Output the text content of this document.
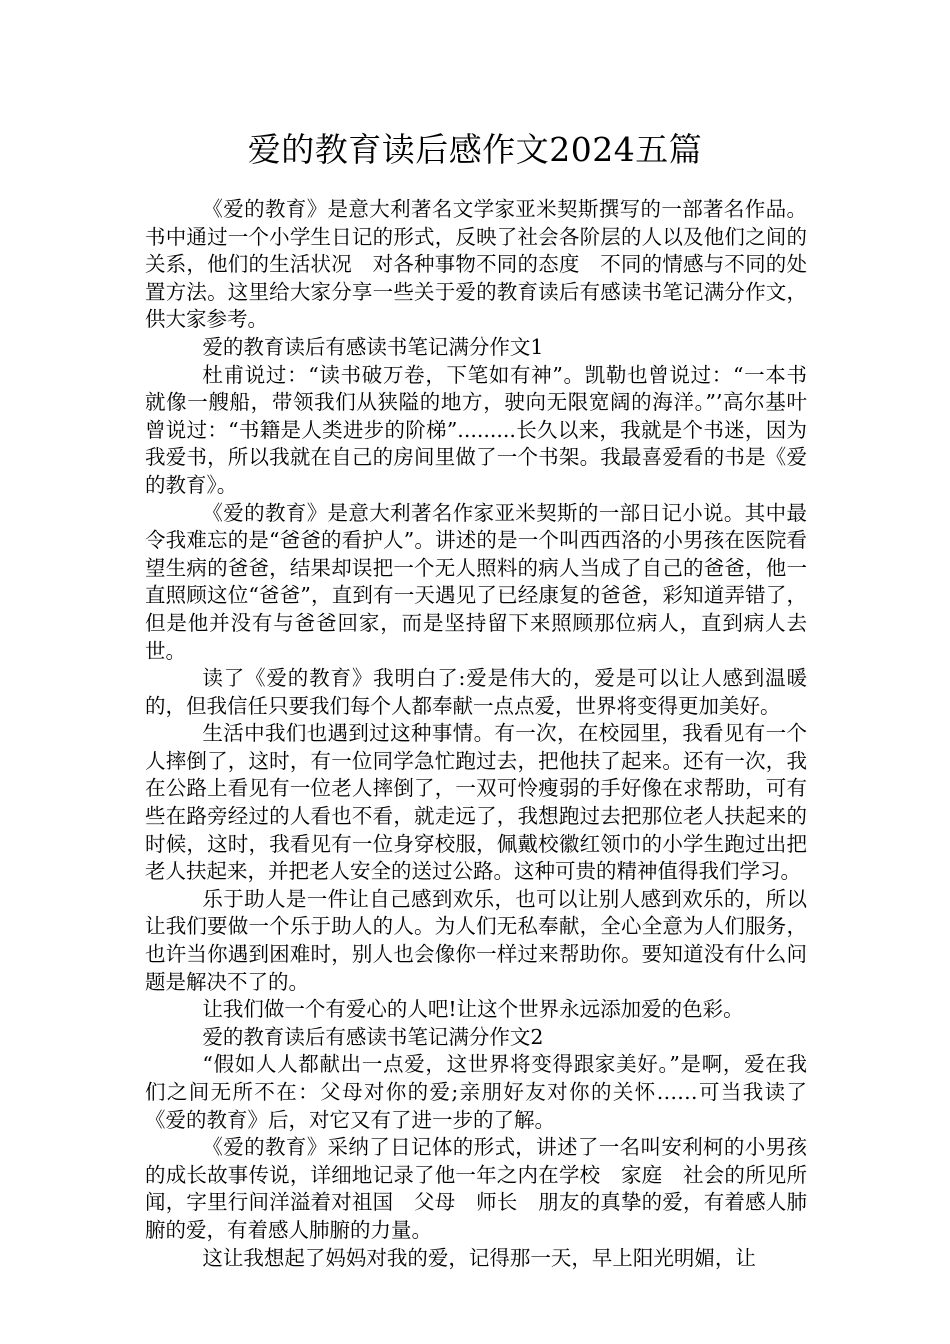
爱的教育读后感作文2024五篇

《爱的教育》是意大利著名文学家亚米契斯撰写的一部著名作品。书中通过一个小学生日记的形式，反映了社会各阶层的人以及他们之间的关系，他们的生活状况　对各种事物不同的态度　不同的情感与不同的处置方法。这里给大家分享一些关于爱的教育读后有感读书笔记满分作文，供大家参考。

爱的教育读后有感读书笔记满分作文1

杜甫说过：“读书破万卷，下笔如有神”。凯勒也曾说过：“一本书就像一艘船，带领我们从狭隘的地方，驶向无限宽阔的海洋。”’高尔基叶曾说过：“书籍是人类进步的阶梯”.........长久以来，我就是个书迷，因为我爱书，所以我就在自己的房间里做了一个书架。我最喜爱看的书是《爱的教育》。

《爱的教育》是意大利著名作家亚米契斯的一部日记小说。其中最令我难忘的是“爸爸的看护人”。讲述的是一个叫西西洛的小男孩在医院看望生病的爸爸，结果却误把一个无人照料的病人当成了自己的爸爸，他一直照顾这位“爸爸”，直到有一天遇见了已经康复的爸爸，彩知道弄错了，但是他并没有与爸爸回家，而是坚持留下来照顾那位病人，直到病人去世。

读了《爱的教育》我明白了:爱是伟大的，爱是可以让人感到温暖的，但我信任只要我们每个人都奉献一点点爱，世界将变得更加美好。

生活中我们也遇到过这种事情。有一次，在校园里，我看见有一个人摔倒了，这时，有一位同学急忙跑过去，把他扶了起来。还有一次，我在公路上看见有一位老人摔倒了，一双可怜瘦弱的手好像在求帮助，可有些在路旁经过的人看也不看，就走远了，我想跑过去把那位老人扶起来的时候，这时，我看见有一位身穿校服，佩戴校徽红领巾的小学生跑过出把老人扶起来，并把老人安全的送过公路。这种可贵的精神值得我们学习。

乐于助人是一件让自己感到欢乐，也可以让别人感到欢乐的，所以让我们要做一个乐于助人的人。为人们无私奉献，全心全意为人们服务，也许当你遇到困难时，别人也会像你一样过来帮助你。要知道没有什么问题是解决不了的。

让我们做一个有爱心的人吧!让这个世界永远添加爱的色彩。

爱的教育读后有感读书笔记满分作文2

“假如人人都献出一点爱，这世界将变得跟家美好。”是啊，爱在我们之间无所不在：父母对你的爱;亲朋好友对你的关怀……可当我读了《爱的教育》后，对它又有了进一步的了解。

《爱的教育》采纳了日记体的形式，讲述了一名叫安利柯的小男孩的成长故事传说，详细地记录了他一年之内在学校　家庭　社会的所见所闻，字里行间洋溢着对祖国　父母　师长　朋友的真挚的爱，有着感人肺腑的爱，有着感人肺腑的力量。

这让我想起了妈妈对我的爱，记得那一天，早上阳光明媚，让
